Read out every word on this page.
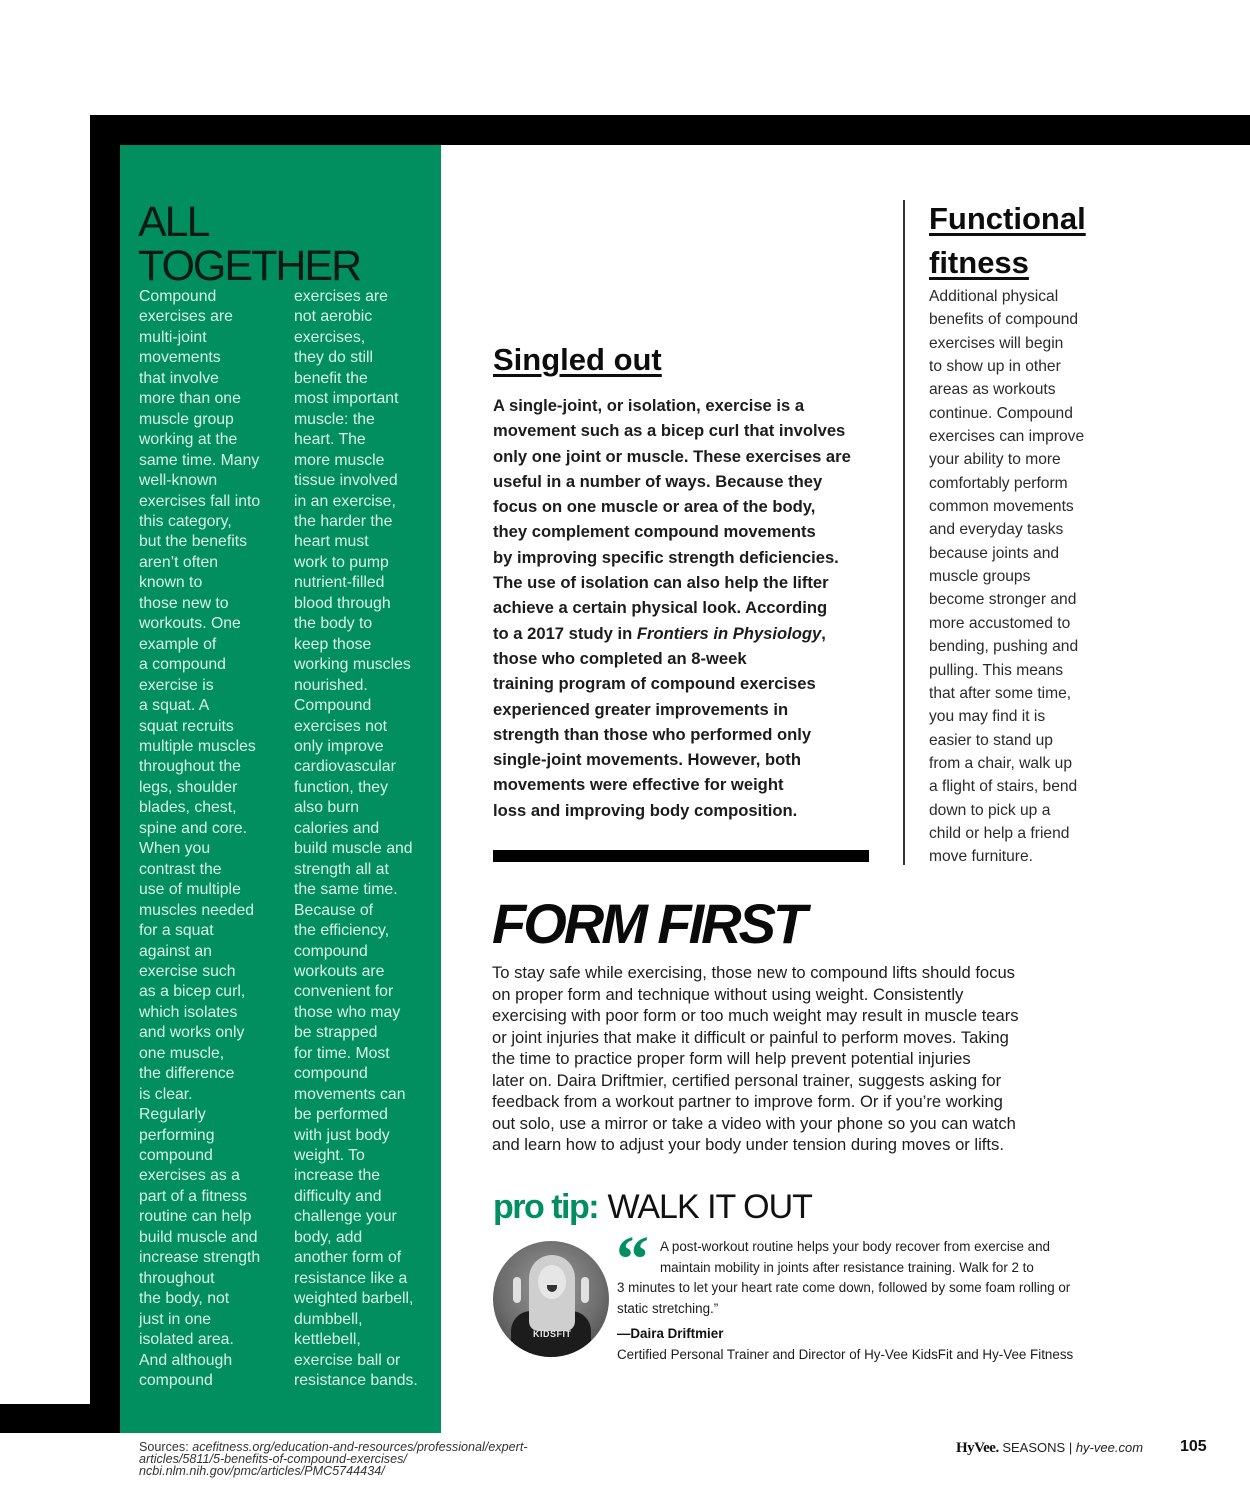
ALL
TOGETHER

Compound
exercises are
multi-joint
movements
that involve
more than one
muscle group
working at the
same time. Many
well-known
exercises fall into
this category,
but the benefits
aren’t often
known to
those new to
workouts. One
example of
a compound
exercise is
a squat. A
squat recruits
multiple muscles
throughout the
legs, shoulder
blades, chest,
spine and core.
When you
contrast the
use of multiple
muscles needed
for a squat
against an
exercise such
as a bicep curl,
which isolates
and works only
one muscle,
the difference
is clear.
Regularly
performing
compound
exercises as a
part of a fitness
routine can help
build muscle and
increase strength
throughout
the body, not
just in one
isolated area.
And although
compound

exercises are
not aerobic
exercises,
they do still
benefit the
most important
muscle: the
heart. The
more muscle
tissue involved
in an exercise,
the harder the
heart must
work to pump
nutrient-filled
blood through
the body to
keep those
working muscles
nourished.
Compound
exercises not
only improve
cardiovascular
function, they
also burn
calories and
build muscle and
strength all at
the same time.
Because of
the efficiency,
compound
workouts are
convenient for
those who may
be strapped
for time. Most
compound
movements can
be performed
with just body
weight. To
increase the
difficulty and
challenge your
body, add
another form of
resistance like a
weighted barbell,
dumbbell,
kettlebell,
exercise ball or
resistance bands.

Singled out

A single-joint, or isolation, exercise is a
movement such as a bicep curl that involves
only one joint or muscle. These exercises are
useful in a number of ways. Because they
focus on one muscle or area of the body,
they complement compound movements
by improving specific strength deficiencies.
The use of isolation can also help the lifter
achieve a certain physical look. According
to a 2017 study in Frontiers in Physiology,
those who completed an 8-week
training program of compound exercises
experienced greater improvements in
strength than those who performed only
single-joint movements. However, both
movements were effective for weight
loss and improving body composition.

Functional
fitness

Additional physical
benefits of compound
exercises will begin
to show up in other
areas as workouts
continue. Compound
exercises can improve
your ability to more
comfortably perform
common movements
and everyday tasks
because joints and
muscle groups
become stronger and
more accustomed to
bending, pushing and
pulling. This means
that after some time,
you may find it is
easier to stand up
from a chair, walk up
a flight of stairs, bend
down to pick up a
child or help a friend
move furniture.

FORM FIRST

To stay safe while exercising, those new to compound lifts should focus
on proper form and technique without using weight. Consistently
exercising with poor form or too much weight may result in muscle tears
or joint injuries that make it difficult or painful to perform moves. Taking
the time to practice proper form will help prevent potential injuries
later on. Daira Driftmier, certified personal trainer, suggests asking for
feedback from a workout partner to improve form. Or if you’re working
out solo, use a mirror or take a video with your phone so you can watch
and learn how to adjust your body under tension during moves or lifts.

pro tip: WALK IT OUT
KIDSFIT
“ A post-workout routine helps your body recover from exercise and
maintain mobility in joints after resistance training. Walk for 2 to

3 minutes to let your heart rate come down, followed by some foam rolling or
static stretching.”

—Daira Driftmier

Certified Personal Trainer and Director of Hy-Vee KidsFit and Hy-Vee Fitness

Sources: acefitness.org/education-and-resources/professional/expert-
articles/5811/5-benefits-of-compound-exercises/
ncbi.nlm.nih.gov/pmc/articles/PMC5744434/
HyVee. SEASONS | hy-vee.com 105
